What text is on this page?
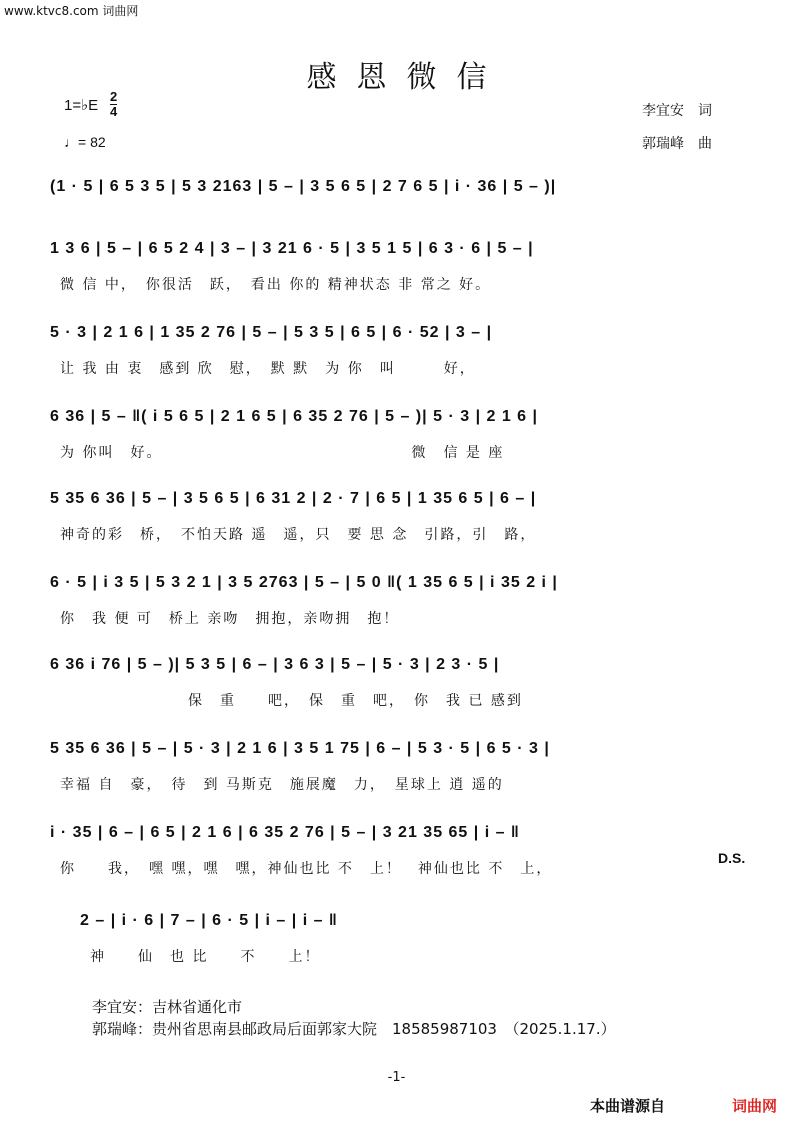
www.ktvc8.com 词曲网
感 恩 微 信
1=♭E
2
4
♩= 82
李宜安　词
郭瑞峰　曲
(1 · 5 | 6 5 3 5 | 5 3 2163 | 5 – | 3 5 6 5 | 2 7 6 5 | i · 36 | 5 – )|
1 3 6 | 5 – | 6 5 2 4 | 3 – | 3 21 6 · 5 | 3 5 1 5 | 6 3 · 6 | 5 – |
微 信 中，　你很活　跃，　看出 你的 精神状态 非 常之 好。
5 · 3 | 2 1 6 | 1 35 2 76 | 5 – | 5 3 5 | 6 5 | 6 · 52 | 3 – |
让 我 由 衷　感到 欣　慰，　默 默　为 你　叫　　　好，
6 36 | 5 – ‖( i 5 6 5 | 2 1 6 5 | 6 35 2 76 | 5 – )| 5 · 3 | 2 1 6 |
为 你叫　好。　　　　　　　　　　　　　　　　微　信 是 座
5 35 6 36 | 5 – | 3 5 6 5 | 6 31 2 | 2 · 7 | 6 5 | 1 35 6 5 | 6 – |
神奇的彩　桥，　不怕天路 遥　遥，只　要 思 念　引路，引　路，
6 · 5 | i 3 5 | 5 3 2 1 | 3 5 2763 | 5 – | 5 0 ‖( 1 35 6 5 | i 35 2 i |
你　我 便 可　桥上 亲吻　拥抱，亲吻拥　抱！
6 36 i 76 | 5 – )| 5 3 5 | 6 – | 3 6 3 | 5 – | 5 · 3 | 2 3 · 5 |
　　　　　　　　保　重　　吧，　保　重　吧，　你　我 已 感到
5 35 6 36 | 5 – | 5 · 3 | 2 1 6 | 3 5 1 75 | 6 – | 5 3 · 5 | 6 5 · 3 |
幸福 自　豪，　待　到 马斯克　施展魔　力，　星球上 逍 遥的
i · 35 | 6 – | 6 5 | 2 1 6 | 6 35 2 76 | 5 – | 3 21 35 65 | i – ‖
你　　我，　嘿 嘿，嘿　嘿，神仙也比 不　上！　神仙也比 不　上，
D.S.
2 – | i · 6 | 7 – | 6 · 5 | i – | i – ‖
神　　仙　也 比　　不　　上！
李宜安：吉林省通化市
郭瑞峰：贵州省思南县邮政局后面郭家大院　18585987103　（2025.1.17.）
-1-
本曲谱源自	词曲网
